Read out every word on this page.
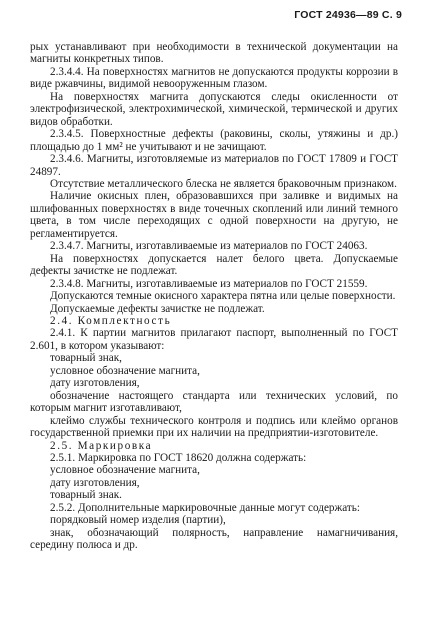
ГОСТ 24936—89 С. 9
рых устанавливают при необходимости в технической документации на магниты конкретных типов.
2.3.4.4. На поверхностях магнитов не допускаются продукты коррозии в виде ржавчины, видимой невооруженным глазом.
На поверхностях магнита допускаются следы окисленности от электрофизической, электрохимической, химической, термической и других видов обработки.
2.3.4.5. Поверхностные дефекты (раковины, сколы, утяжины и др.) площадью до 1 мм² не учитывают и не зачищают.
2.3.4.6. Магниты, изготовляемые из материалов по ГОСТ 17809 и ГОСТ 24897.
Отсутствие металлического блеска не является браковочным признаком.
Наличие окисных плен, образовавшихся при заливке и видимых на шлифованных поверхностях в виде точечных скоплений или линий темного цвета, в том числе переходящих с одной поверхности на другую, не регламентируется.
2.3.4.7. Магниты, изготавливаемые из материалов по ГОСТ 24063.
На поверхностях допускается налет белого цвета. Допускаемые дефекты зачистке не подлежат.
2.3.4.8. Магниты, изготавливаемые из материалов по ГОСТ 21559.
Допускаются темные окисного характера пятна или целые поверхности.
Допускаемые дефекты зачистке не подлежат.
2.4. Комплектность
2.4.1. К партии магнитов прилагают паспорт, выполненный по ГОСТ 2.601, в котором указывают:
товарный знак,
условное обозначение магнита,
дату изготовления,
обозначение настоящего стандарта или технических условий, по которым магнит изготавливают,
клеймо службы технического контроля и подпись или клеймо органов государственной приемки при их наличии на предприятии-изготовителе.
2.5. Маркировка
2.5.1. Маркировка по ГОСТ 18620 должна содержать:
условное обозначение магнита,
дату изготовления,
товарный знак.
2.5.2. Дополнительные маркировочные данные могут содержать:
порядковый номер изделия (партии),
знак, обозначающий полярность, направление намагничивания, середину полюса и др.
